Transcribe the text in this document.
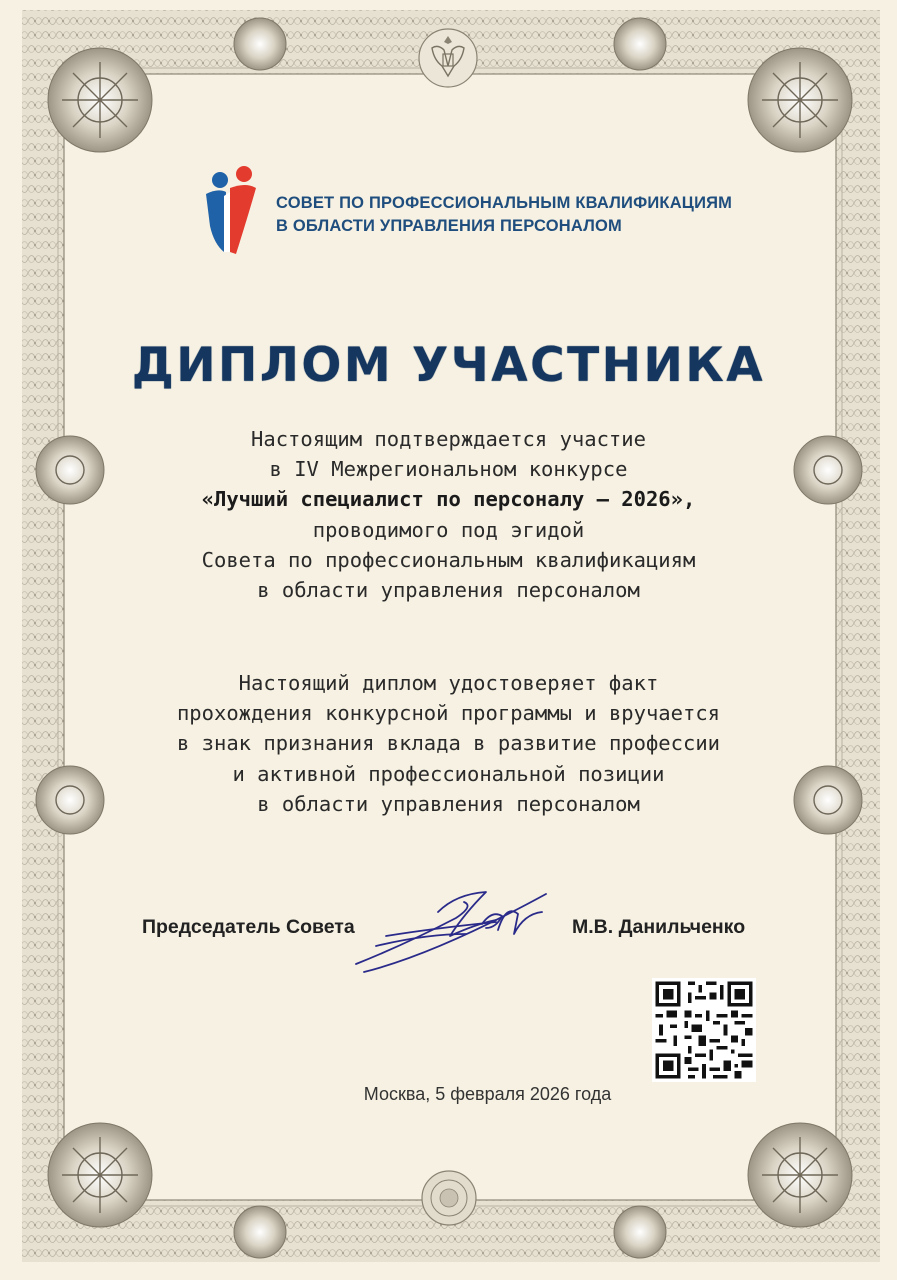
СОВЕТ ПО ПРОФЕССИОНАЛЬНЫМ КВАЛИФИКАЦИЯМ
В ОБЛАСТИ УПРАВЛЕНИЯ ПЕРСОНАЛОМ
ДИПЛОМ УЧАСТНИКА
Настоящим подтверждается участие
в IV Межрегиональном конкурсе
«Лучший специалист по персоналу – 2026»,
проводимого под эгидой
Совета по профессиональным квалификациям
в области управления персоналом
Настоящий диплом удостоверяет факт
прохождения конкурсной программы и вручается
в знак признания вклада в развитие профессии
и активной профессиональной позиции
в области управления персоналом
Председатель Совета	М.В. Данильченко
Москва, 5 февраля 2026 года
